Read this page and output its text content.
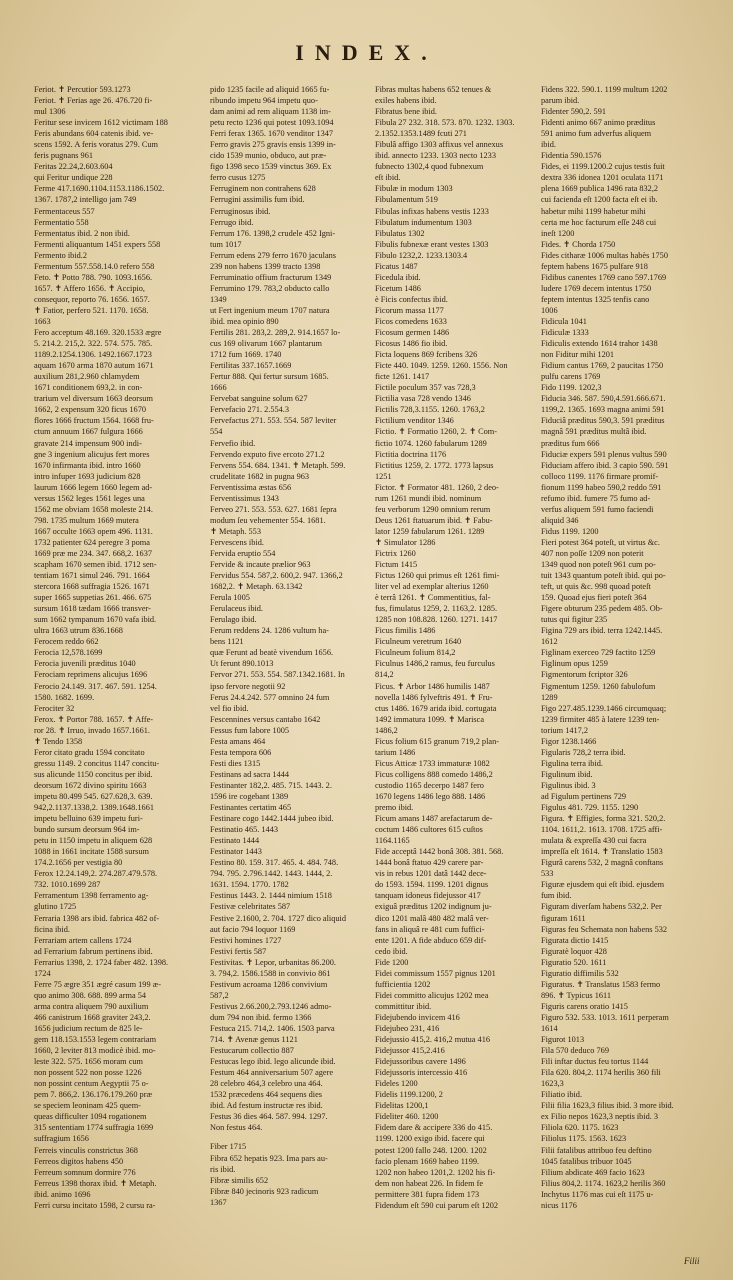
INDEX.
Feriot. ✝ Percutior 593.1273
Feriot. ✝ Ferias age 26. 476.720 fi-
mul 1306
Feritur sese invicem 1612 victimam 188
Feris abundans 604 catenis ibid. ve-
scens 1592. A feris voratus 279. Cum
feris pugnans 961
Feritas 22.24,2.603.604
qui Feritur undique 228
Ferme 417.1690.1104.1153.1186.1502.
1367. 1787,2 intelligo jam 749
Fermentaceus 557
Fermentatio 558
Fermentatus ibid. 2 non ibid.
Fermenti aliquantum 1451 expers 558
Fermento ibid.2
Fermentum 557.558.14.0 refero 558
Feto. ✝ Potto 788. 790. 1093.1656.
1657. ✝ Affero 1656. ✝ Accipio,
consequor, reporto 76. 1656. 1657.
✝ Fatior, perfero 521. 1170. 1658.
1663
Fero acceptum 48.169. 320.1533 ægre
5. 214.2. 215,2. 322. 574. 575. 785.
1189.2.1254.1306. 1492.1667.1723
aquam 1670 arma 1870 autum 1671
auxilium 281,2.960 chlamydem
1671 conditionem 693,2. in con-
trarium vel diversum 1663 deorsum
1662, 2 expensum 320 ficus 1670
flores 1666 fructum 1564. 1668 fru-
ctum annuum 1667 fulgura 1666
gravate 214 impensum 900 indi-
gne 3 ingenium alicujus fert mores
1670 infirmanta ibid. intro 1660
intro infuper 1693 judicium 828
laurum 1666 legem 1660 legem ad-
versus 1562 leges 1561 leges una
1562 me obviam 1658 moleste 214.
798. 1735 multum 1669 mutera
1667 occulte 1663 opem 496. 1131.
1732 patienter 624 peregre 3 poma
1669 præ me 234. 347. 668,2. 1637
scapham 1670 semen ibid. 1712 sen-
tentiam 1671 simul 246. 791. 1664
stercora 1668 suffragia 1526. 1671
super 1665 suppetias 261. 466. 675
sursum 1618 tædam 1666 transver-
sum 1662 tympanum 1670 vafa ibid.
ultra 1663 utrum 836.1668
Ferocem reddo 662
Ferocia 12,578.1699
Ferocia juvenili præditus 1040
Ferociam reprimens alicujus 1696
Ferocio 24.149. 317. 467. 591. 1254.
1580. 1682. 1699.
Ferociter 32
Ferox. ✝ Portor 788. 1657. ✝ Affe-
ror 28. ✝ Irruo, invado 1657.1661.
✝ Tendo 1358
Feror citato gradu 1594 concitato
gressu 1149. 2 concitus 1147 concitu-
sus alicunde 1150 concitus per ibid.
deorsum 1672 divino spiritu 1663
impetu 80.499 545. 627.628,3. 639.
942,2.1137.1338,2. 1389.1648.1661
impetu belluino 639 impetu furi-
bundo sursum deorsum 964 im-
petu in 1150 impetu in aliquem 628
1088 in 1661 incitate 1588 sursum
174.2.1656 per vestigia 80
Ferox 12.24.149,2. 274.287.479.578.
732. 1010.1699 287
Ferramentum 1398 ferramento ag-
glutino 1725
Ferraria 1398 ars ibid. fabrica 482 of-
ficina ibid.
Ferrariam artem callens 1724
ad Ferrarium fabrum pertinens ibid.
Ferrarius 1398, 2. 1724 faber 482. 1398.
1724
Ferre 75 ægre 351 ægré casum 199 æ-
quo animo 308. 688. 899 arma 54
arma contra aliquem 790 auxilium
466 canistrum 1668 graviter 243,2.
1656 judicium rectum de 825 le-
gem 118.153.1553 legem contrariam
1660, 2 leviter 813 modicè ibid. mo-
leste 322. 575. 1656 moram cum
non possent 522 non posse 1226
non possint centum Aegyptii 75 o-
pem 7. 866,2. 136.176.179.260 præ
se speciem leoninam 425 quem-
queas difficulter 1094 rogationem
315 sententiam 1774 suffragia 1699
suffragium 1656
Ferreis vinculis constrictus 368
Ferreos digitos habens 450
Ferreum somnum dormire 776
Ferreus 1398 thorax ibid. ✝ Metaph.
ibid. animo 1696
Ferri cursu incitato 1598, 2 cursu ra-
pido 1235 facile ad aliquid 1665 fu-
ribundo impetu 964 impetu quo-
dam animi ad rem aliquam 1138 im-
petu recto 1236 qui potest 1093.1094
Ferri ferax 1365. 1670 venditor 1347
Ferro gravis 275 gravis ensis 1399 in-
cido 1539 munio, obduco, aut præ-
figo 1398 seco 1539 vinctus 369. Ex
ferro cusus 1275
Ferruginem non contrahens 628
Ferrugini assimilis fum ibid.
Ferruginosus ibid.
Ferrugo ibid.
Ferrum 176. 1398,2 crudele 452 Igni-
tum 1017
Ferrum edens 279 ferro 1670 jaculans
239 non habens 1399 tracto 1398
Ferruminatio offium fracturum 1349
Ferrumino 179. 783,2 obducto callo
1349
ut Fert ingenium meum 1707 natura
ibid. mea opinio 890
Fertilis 281. 283,2. 289,2. 914.1657 lo-
cus 169 olivarum 1667 plantarum
1712 fum 1669. 1740
Fertilitas 337.1657.1669
Fertur 888. Qui fertur sursum 1685.
1666
Fervebat sanguine solum 627
Fervefacio 271. 2.554.3
Fervefactus 271. 553. 554. 587 leviter
554
Fervefio ibid.
Fervendo exputo five ercoto 271.2
Fervens 554. 684. 1341. ✝ Metaph. 599.
crudelitate 1682 in pugna 963
Ferventissima æstas 656
Ferventissimus 1343
Ferveo 271. 553. 553. 627. 1681 ſepra
modum ſeu vehementer 554. 1681.
✝ Metaph. 553
Fervescens ibid.
Fervida eruptio 554
Fervide & incaute prælior 963
Fervidus 554. 587,2. 600,2. 947. 1366,2
1682,2. ✝ Metaph. 63.1342
Ferula 1005
Ferulaceus ibid.
Ferulago ibid.
Ferum reddens 24. 1286 vultum ha-
bens 1121
quæ Ferunt ad beatè vivendum 1656.
Ut ferunt 890.1013
Fervor 271. 553. 554. 587.1342.1681. In
ipso fervore negotii 92
Ferus 24.4.242. 577 omnino 24 fum
vel fio ibid.
Fescennines versus cantabo 1642
Fessus fum labore 1005
Festa amans 464
Festa tempora 606
Festi dies 1315
Festinans ad sacra 1444
Festinanter 182,2. 485. 715. 1443. 2.
1596 ire cogebant 1389
Festinantes certatim 465
Festinare cogo 1442.1444 jubeo ibid.
Festinatio 465. 1443
Festinato 1444
Festinator 1443
Festino 80. 159. 317. 465. 4. 484. 748.
794. 795. 2.796.1442. 1443. 1444, 2.
1631. 1594. 1770. 1782
Festinus 1443. 2. 1444 nimium 1518
Festivæ celebritates 587
Festive 2.1600, 2. 704. 1727 dico aliquid
aut facio 794 loquor 1169
Festivi homines 1727
Festivi fertis 587
Festivitas. ✝ Lepor, urbanitas 86.200.
3. 794,2. 1586.1588 in convivio 861
Festivum acroama 1286 convivium
587,2
Festivus 2.66.200,2.793.1246 admo-
dum 794 non ibid. fermo 1366
Festuca 215. 714,2. 1406. 1503 parva
714. ✝ Avenæ genus 1121
Festucarum collectio 887
Festucas lego ibid. lego alicunde ibid.
Festum 464 anniversarium 507 agere
28 celebro 464,3 celebro una 464.
1532 præcedens 464 sequens dies
ibid. Ad festum instructæ res ibid.
Festus 36 dies 464. 587. 994. 1297.
Non festus 464.
Fiber 1715
Fibra 652 hepatis 923. Ima pars au-
ris ibid.
Fibræ similis 652
Fibræ 840 jecinoris 923 radicum
1367
Fibras multas habens 652 tenues &
exiles habens ibid.
Fibratus bene ibid.
Fibula 27 232. 318. 573. 870. 1232. 1303.
2.1352.1353.1489 fcuti 271
Fibulâ affigo 1303 affixus vel annexus
ibid. annecto 1233. 1303 necto 1233
fubnecto 1302,4 quod fubnexum
eſt ibid.
Fibulæ in modum 1303
Fibulamentum 519
Fibulas infixas habens vestis 1233
Fibulatum indumentum 1303
Fibulatus 1302
Fibulis fubnexæ erant vestes 1303
Fibulo 1232,2. 1233.1303.4
Ficatus 1487
Ficedula ibid.
Ficetum 1486
è Ficis confectus ibid.
Ficorum massa 1177
Ficos comedens 1633
Ficosum germen 1486
Ficosus 1486 fio ibid.
Ficta loquens 869 fcribens 326
Ficte 440. 1049. 1259. 1260. 1556. Non
ficte 1261. 1417
Fictile poculum 357 vas 728,3
Fictilia vasa 728 vendo 1346
Fictilis 728,3.1155. 1260. 1763,2
Fictilium venditor 1346
Fictio. ✝ Formatio 1260, 2. ✝ Com-
fictio 1074. 1260 fabularum 1289
Fictitia doctrina 1176
Fictitius 1259, 2. 1772. 1773 lapsus
1251
Fictor. ✝ Formator 481. 1260, 2 deo-
rum 1261 mundi ibid. nominum
feu verborum 1290 omnium rerum
Deus 1261 ftatuarum ibid. ✝ Fabu-
lator 1259 fabularum 1261. 1289
✝ Simulator 1286
Fictrix 1260
Fictum 1415
Fictus 1260 qui primus eſt 1261 fimi-
liter vel ad exemplar alterius 1260
è terrâ 1261. ✝ Commentitius, fal-
fus, fimulatus 1259, 2. 1163,2. 1285.
1285 non 108.828. 1260. 1271. 1417
Ficus fimilis 1486
Ficulneum veretrum 1640
Ficulneum folium 814,2
Ficulnus 1486,2 ramus, feu furculus
814,2
Ficus. ✝ Arbor 1486 humilis 1487
novella 1486 fylveftris 491. ✝ Fru-
ctus 1486. 1679 arida ibid. cortugata
1492 immatura 1099. ✝ Marisca
1486,2
Ficus folium 615 granum 719,2 plan-
tarium 1486
Ficus Atticæ 1733 immaturæ 1082
Ficus colligens 888 comedo 1486,2
custodio 1165 decerpo 1487 fero
1670 legens 1486 lego 888. 1486
premo ibid.
Ficum amans 1487 arefactarum de-
coctum 1486 cultores 615 cuſtos
1164.1165
Fide acceptâ 1442 bonâ 308. 381. 568.
1444 bonâ ftatuo 429 carere par-
vis in rebus 1201 datâ 1442 dece-
do 1593. 1594. 1199. 1201 dignus
tanquam idoneus fidejussor 417
exiguâ præditus 1202 indignum ju-
dico 1201 malâ 480 482 malâ ver-
fans in aliquâ re 481 cum fuffici-
ente 1201. A fide abduco 659 dif-
cedo ibid.
Fide 1200
Fidei commissum 1557 pignus 1201
fufficientia 1202
Fidei committo alicujus 1202 mea
committitur ibid.
Fidejubendo invicem 416
Fidejubeo 231, 416
Fidejussio 415,2. 416,2 mutua 416
Fidejussor 415,2.416
Fidejussoribus cavere 1496
Fidejussoris intercessio 416
Fideles 1200
Fidelis 1199.1200, 2
Fidelitas 1200,1
Fideliter 460. 1200
Fidem dare & accipere 336 do 415.
1199. 1200 exigo ibid. facere qui
potest 1200 fallo 248. 1200. 1202
facio plenam 1669 habeo 1199.
1202 non habeo 1201,2. 1202 his fi-
dem non habeat 226. In fidem fe
permittere 381 fupra fidem 173
Fidendum eſt 590 cui parum eſt 1202
Fidens 322. 590.1. 1199 multum 1202
parum ibid.
Fidenter 590,2. 591
Fidenti animo 667 animo præditus
591 animo fum adverfus aliquem
ibid.
Fidentia 590.1576
Fides, ei 1199.1200.2 cujus testis fuit
dextra 336 idonea 1201 oculata 1171
plena 1669 publica 1496 rata 832,2
cui facienda eſt 1200 facta eſt ei ib.
habetur mihi 1199 habetur mihi
certa me hoc facturum eſſe 248 cui
ineſt 1200
Fides. ✝ Chorda 1750
Fides citharæ 1006 multas habès 1750
feptem habens 1675 pulfare 918
Fidibus canentes 1769 cano 597.1769
ludere 1769 decem intentus 1750
feptem intentus 1325 tenfis cano
1006
Fidicula 1041
Fidiculæ 1333
Fidiculis extendo 1614 trahor 1438
non Fiditur mihi 1201
Fidium cantus 1769, 2 paucitas 1750
pulfu carens 1769
Fido 1199. 1202,3
Fiducia 346. 587. 590,4.591.666.671.
1199,2. 1365. 1693 magna animi 591
Fiduciâ præditus 590,3. 591 præditus
magnâ 591 præditus multâ ibid.
præditus fum 666
Fiduciæ expers 591 plenus vultus 590
Fiduciam affero ibid. 3 capio 590. 591
colloco 1199. 1176 firmare promif-
fionum 1199 habeo 590,2 reddo 591
refumo ibid. fumere 75 fumo ad-
verfus aliquem 591 fumo faciendi
aliquid 346
Fidus 1199. 1200
Fieri potest 364 poteſt, ut virtus &c.
407 non poſſe 1209 non poterit
1349 quod non poteſt 961 cum po-
tuit 1343 quantum poteſt ibid. qui po-
teft, ut quis &c. 998 quoad poteſt
159. Quoad ejus fieri poteſt 364
Figere obturum 235 pedem 485. Ob-
tutus qui figitur 235
Figina 729 ars ibid. terra 1242.1445.
1612
Figlinam exerceo 729 factito 1259
Figlinum opus 1259
Figmentorum fcriptor 326
Figmentum 1259. 1260 fabulofum
1289
Figo 227.485.1239.1466 circumquaq;
1239 firmiter 485 à latere 1239 ten-
torium 1417,2
Figor 1238.1466
Figularis 728,2 terra ibid.
Figulina terra ibid.
Figulinum ibid.
Figulinus ibid. 3
ad Figulum pertinens 729
Figulus 481. 729. 1155. 1290
Figura. ✝ Effigies, forma 321. 520,2.
1104. 1611,2. 1613. 1708. 1725 affi-
mulata & expreſſa 430 cui facra
impreſſa eſt 1614. ✝ Translatio 1583
Figurâ carens 532, 2 magnâ conftans
533
Figuræ ejusdem qui eſt ibid. ejusdem
fum ibid.
Figuram diverſam habens 532,2. Per
figuram 1611
Figuras feu Schemata non habens 532
Figurata dictio 1415
Figuratè loquor 428
Figuratio 520. 1611
Figuratio diffimilis 532
Figuratus. ✝ Translatus 1583 fermo
896. ✝ Typicus 1611
Figuris carens oratio 1415
Figuro 532. 533. 1013. 1611 perperam
1614
Figurot 1013
Fila 570 deduco 769
Fili inftar ductus feu tortus 1144
Fila 620. 804,2. 1174 herilis 360 fili
1623,3
Filiatio ibid.
Filii filia 1623,3 filius ibid. 3 more ibid.
ex Filio nepos 1623,3 neptis ibid. 3
Filiola 620. 1175. 1623
Filiolus 1175. 1563. 1623
Filii fatalibus attribuo feu deftino
1045 fatalibus tribuor 1045
Filium abdicate 469 facio 1623
Filius 804,2. 1174. 1623,2 herilis 360
Inchytus 1176 mas cui eſt 1175 u-
nicus 1176
Filii
